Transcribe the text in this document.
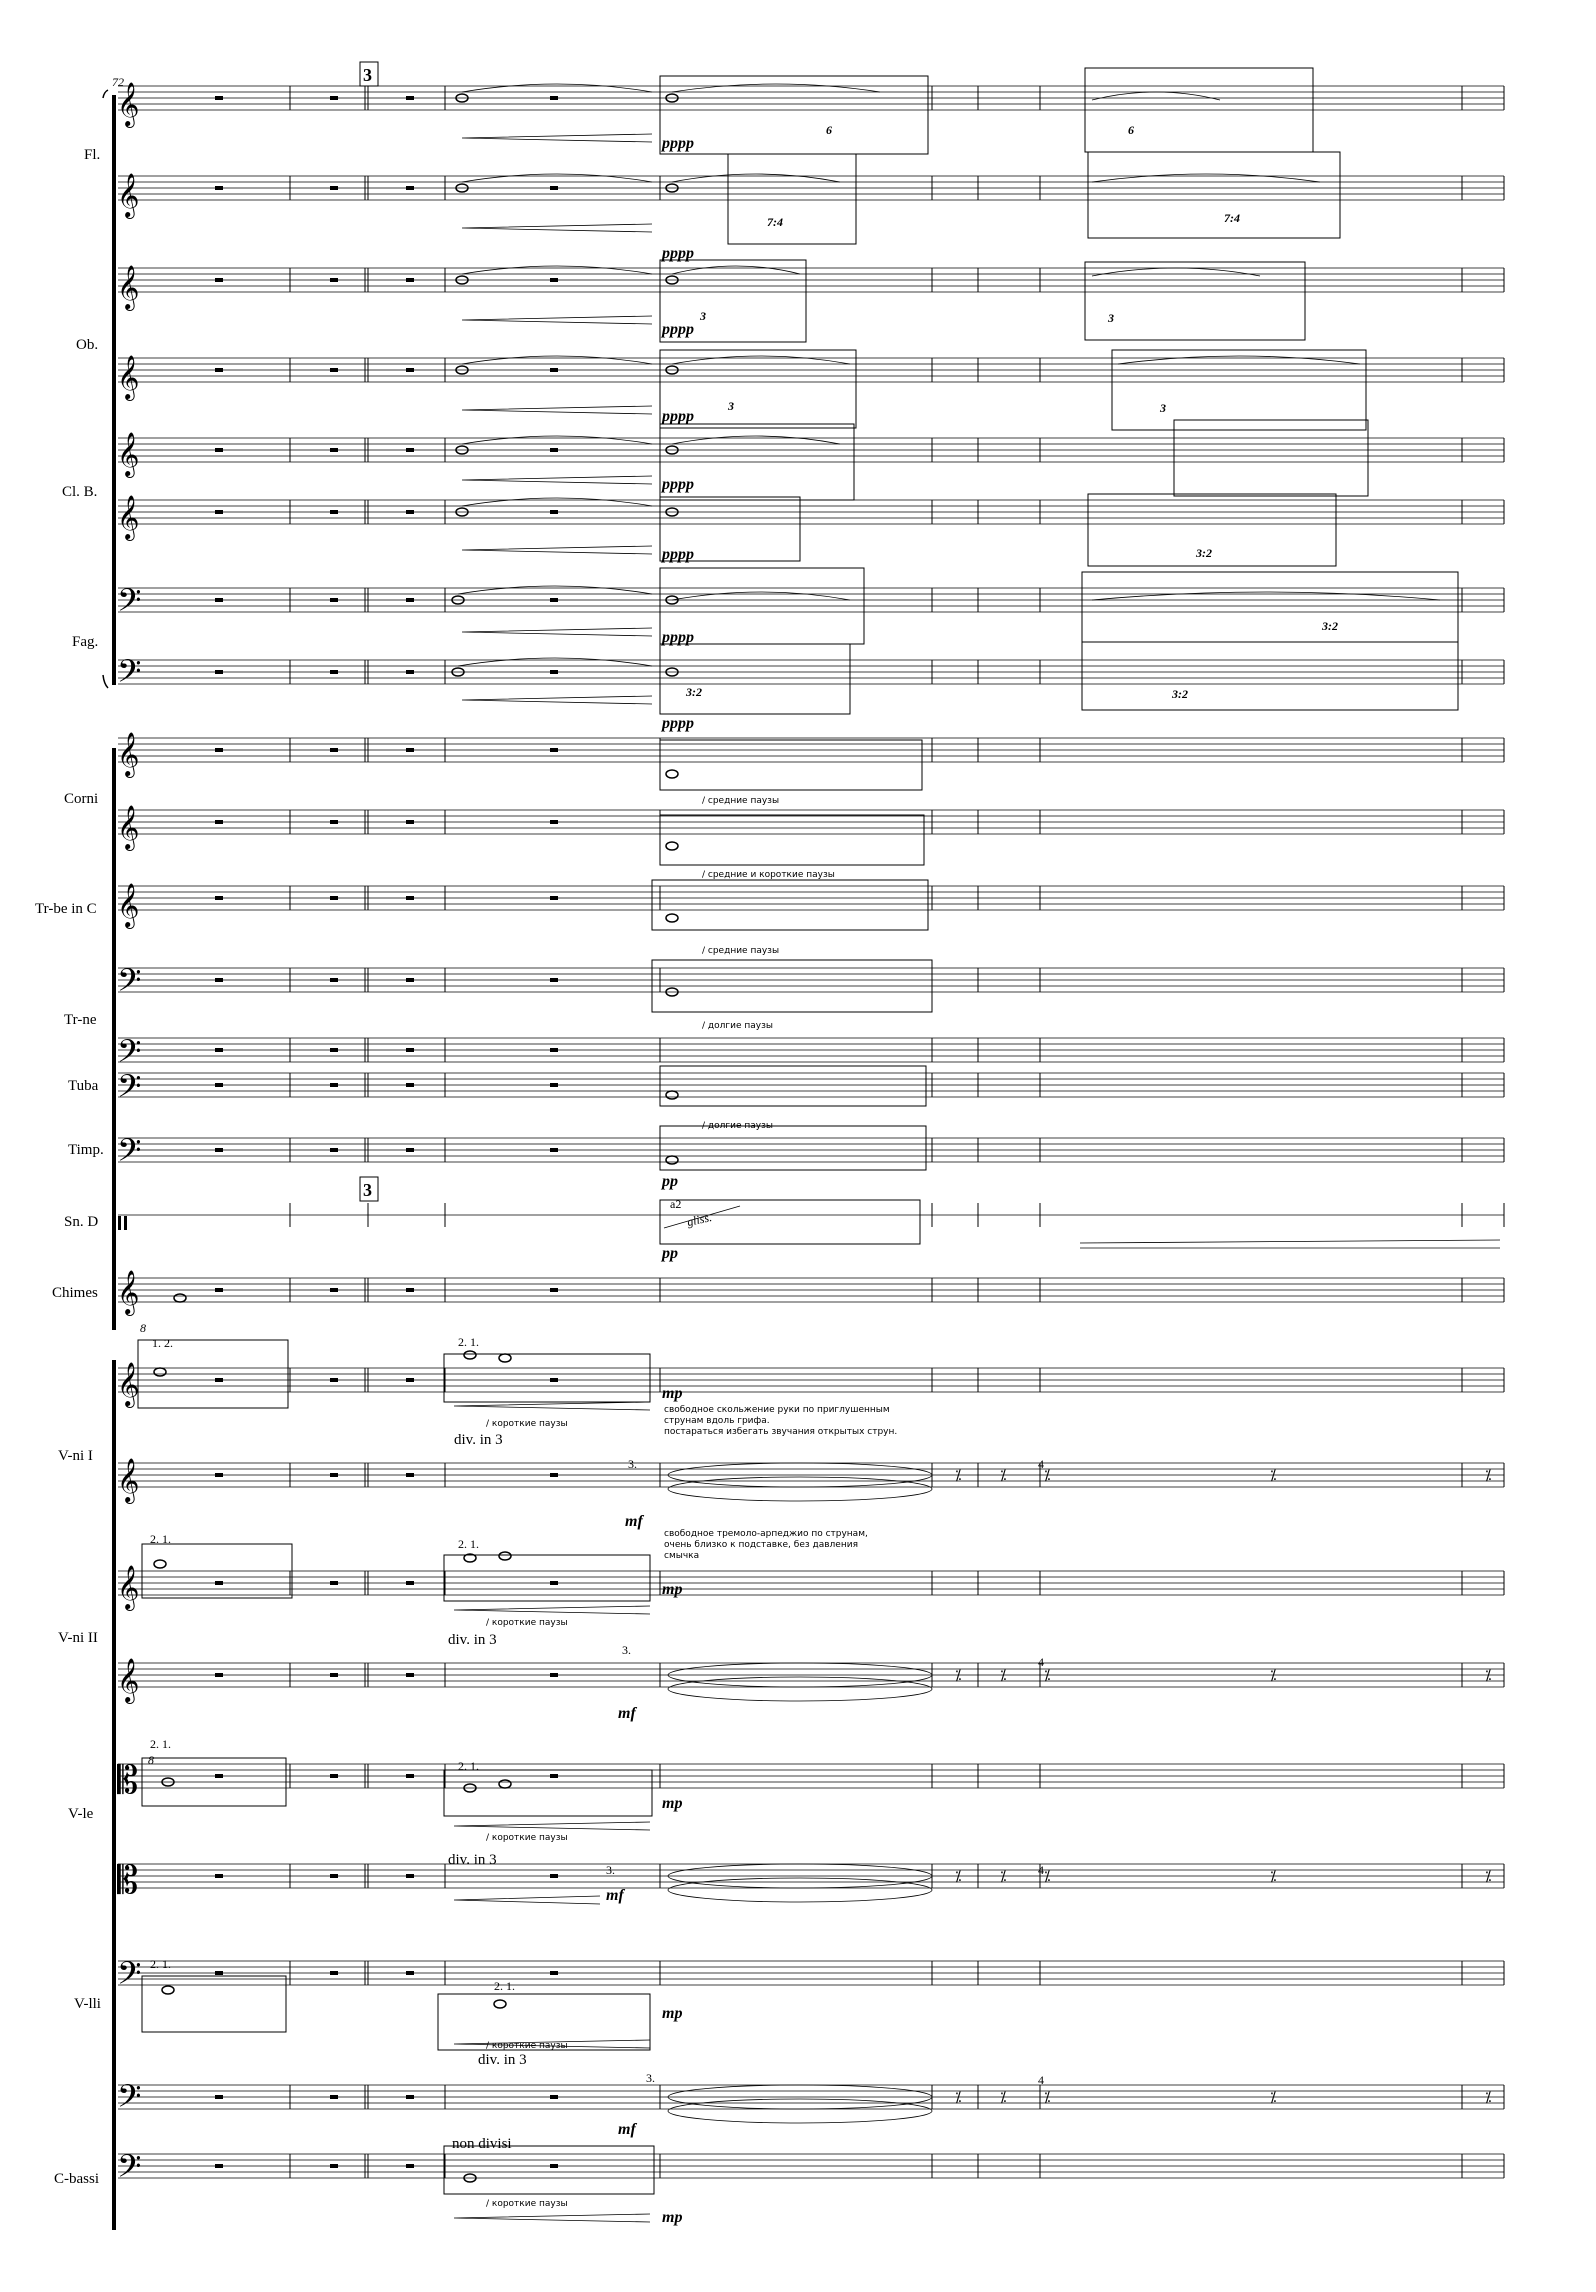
⁒	⁒	⁒	⁒	⁒
⁒	⁒	⁒	⁒	⁒
⁒	⁒	⁒	⁒	⁒
⁒	⁒	⁒	⁒	⁒
72	3
3
Fl.
Ob.
Cl. B.
Fag.
Corni
Tr-be in C
Tr-ne
Tuba
Timp.
Sn. D
Chimes
V-ni I
V-ni II
V-le
V-lli
C-bassi
𝄞
𝄞
𝄞
𝄞
𝄞
𝄞
𝄢
𝄢
𝄞
𝄞
𝄞
𝄢
𝄢
𝄢
𝄢
𝄞
𝄞
𝄞
𝄞
𝄞
𝄡
𝄡
𝄢
𝄢
𝄢
pppp
pppp
pppp
pppp
pppp
pppp
pppp
pppp
pp
pp
mp
mf
mp
mf
mp
mf
mp
mf
mp
6
7:4
3
3
3:2
6
7:4
3
3
3:2
3:2
3:2
/ средние паузы
/ средние и короткие паузы
/ средние паузы
/ долгие паузы
/ долгие паузы
/ короткие паузы
/ короткие паузы
/ короткие паузы
/ короткие паузы
/ короткие паузы
a2
gliss.
1. 2.
8
2. 1.
div. in 3
3.
2. 1.	2. 1.
div. in 3
3.
2. 1.
8	2. 1.
div. in 3
3.
2. 1.
2. 1.
div. in 3
3.
non divisi
4
4
4
4
свободное скольжение руки по приглушенным
струнам вдоль грифа.
постараться избегать звучания открытых струн.
свободное тремоло-арпеджио по струнам,
очень близко к подставке, без давления
смычка
